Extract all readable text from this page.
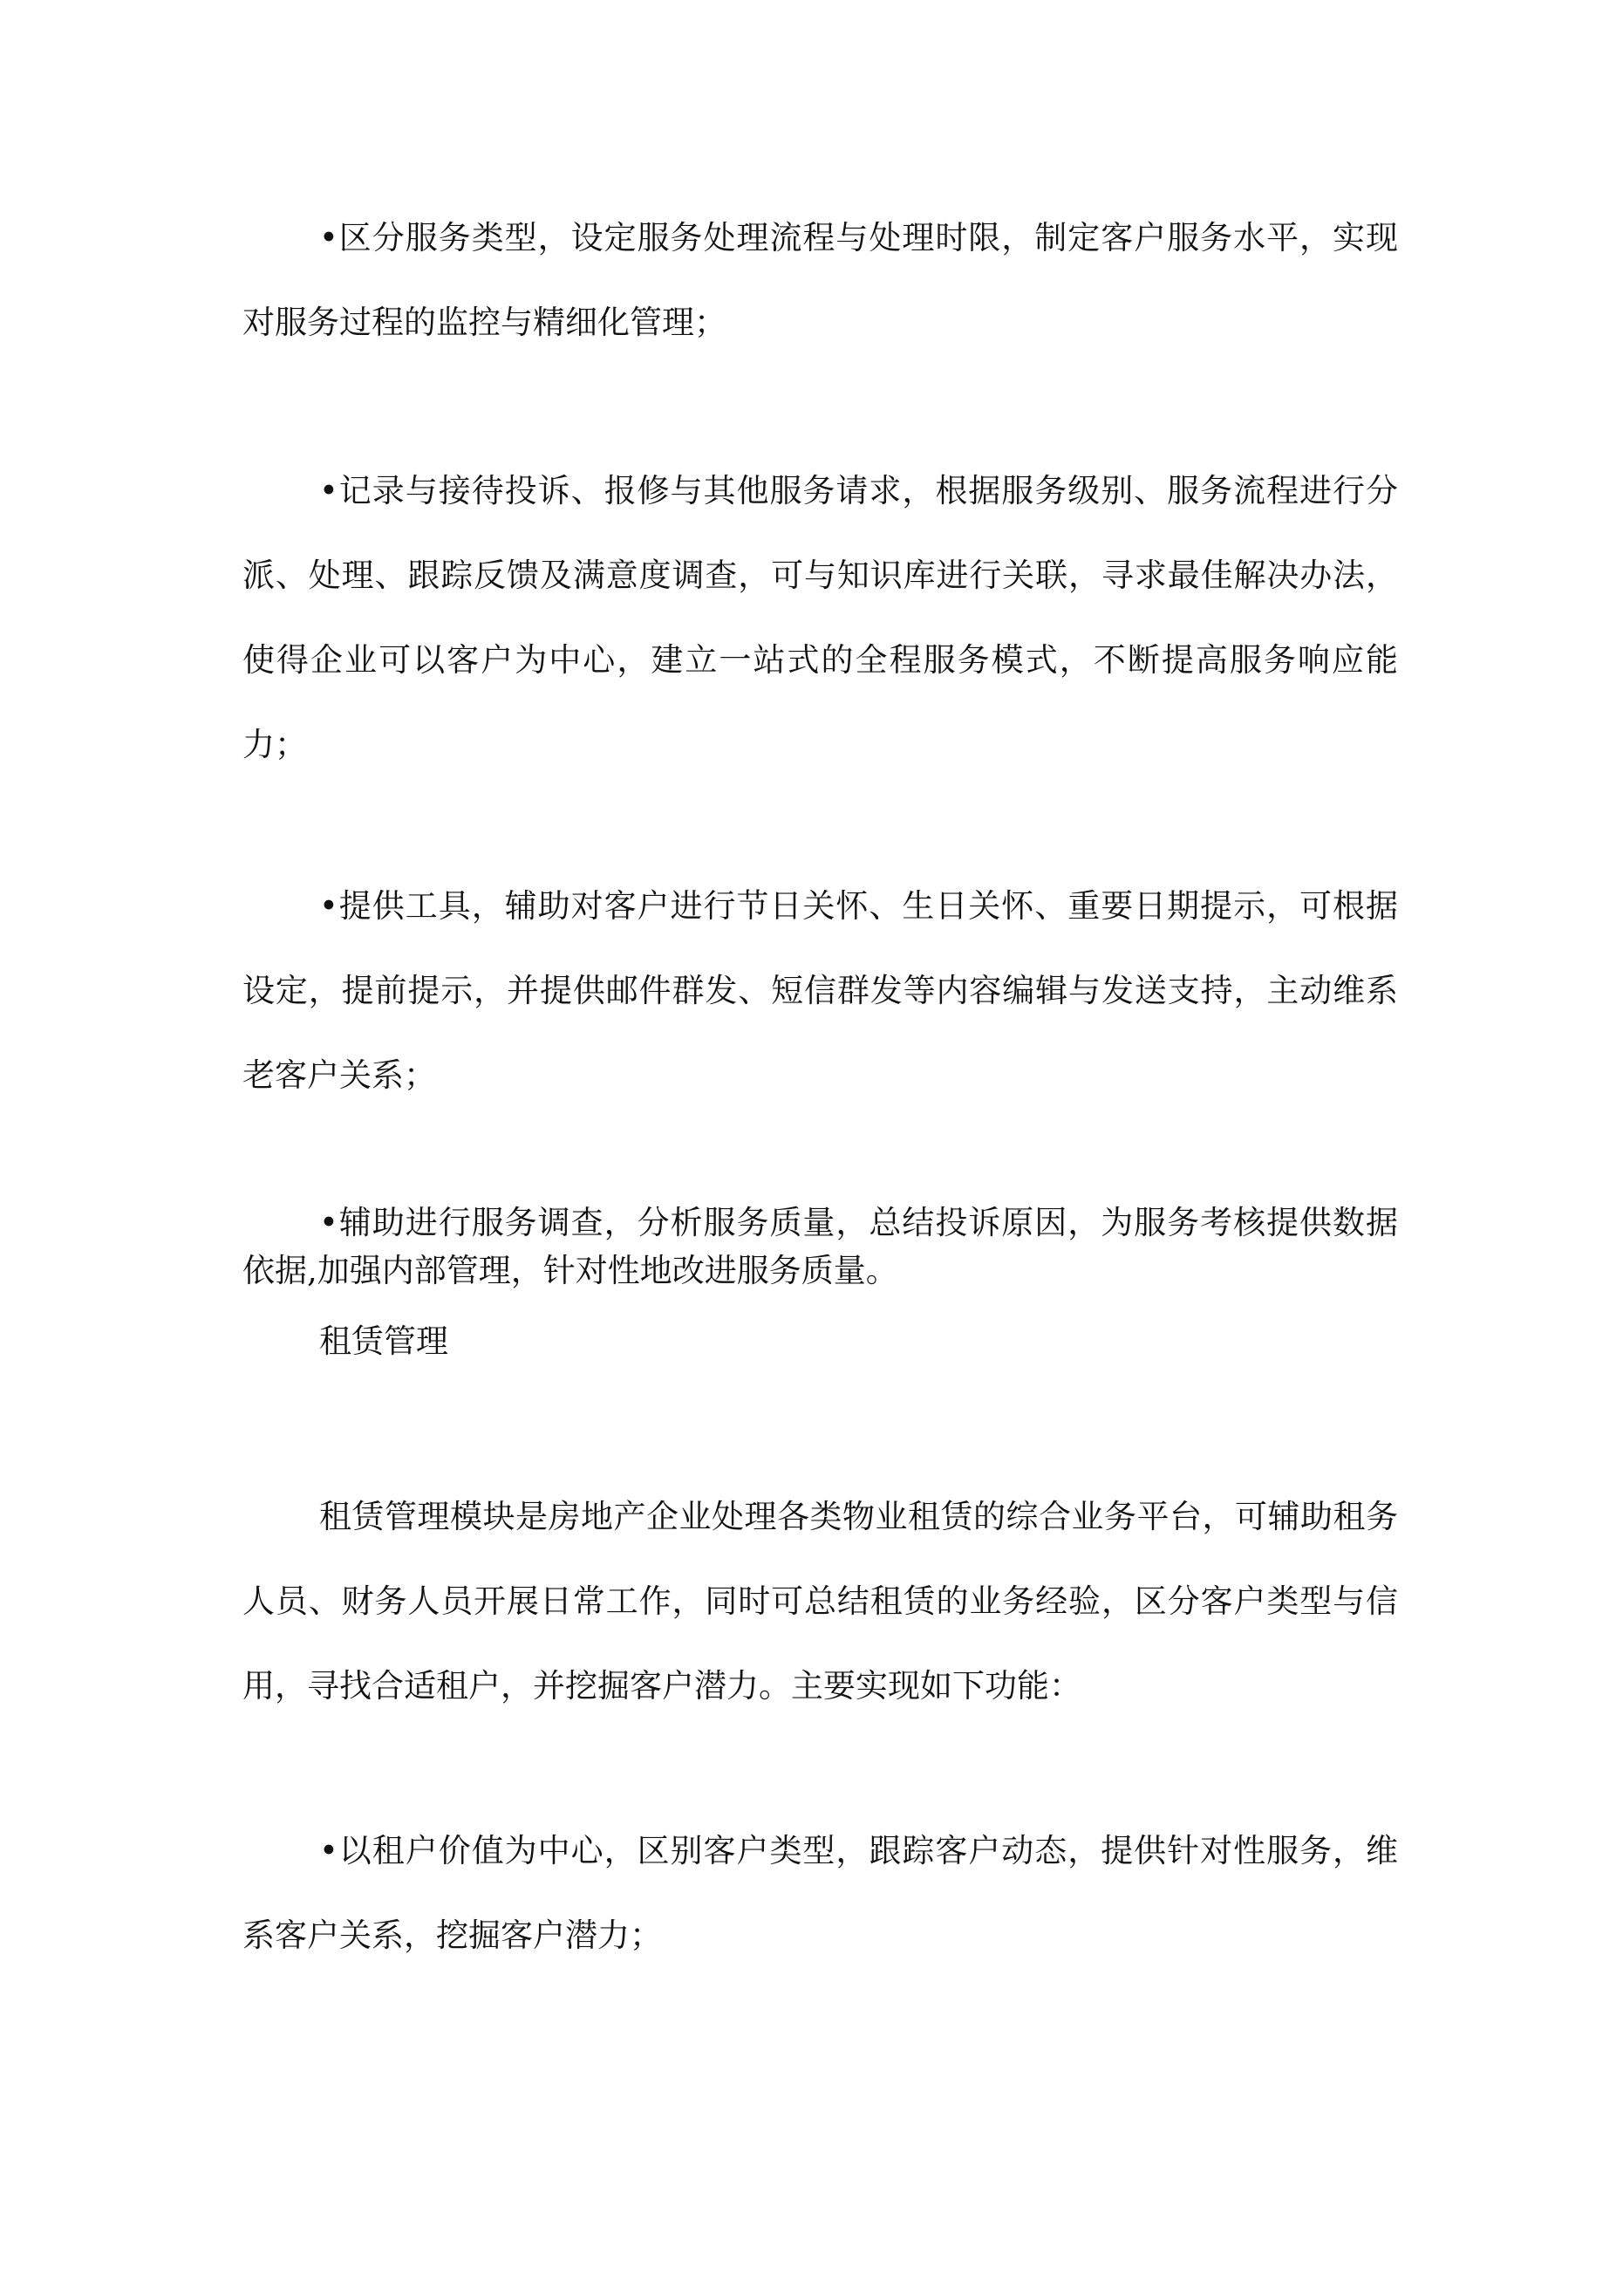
•区分服务类型，设定服务处理流程与处理时限，制定客户服务水平，实现对服务过程的监控与精细化管理；

•记录与接待投诉、报修与其他服务请求，根据服务级别、服务流程进行分派、处理、跟踪反馈及满意度调查，可与知识库进行关联，寻求最佳解决办法，使得企业可以客户为中心，建立一站式的全程服务模式，不断提高服务响应能力；

•提供工具，辅助对客户进行节日关怀、生日关怀、重要日期提示，可根据设定，提前提示，并提供邮件群发、短信群发等内容编辑与发送支持，主动维系老客户关系；

•辅助进行服务调查，分析服务质量，总结投诉原因，为服务考核提供数据依据,加强内部管理，针对性地改进服务质量。

租赁管理

租赁管理模块是房地产企业处理各类物业租赁的综合业务平台，可辅助租务人员、财务人员开展日常工作，同时可总结租赁的业务经验，区分客户类型与信用，寻找合适租户，并挖掘客户潜力。主要实现如下功能：

•以租户价值为中心，区别客户类型，跟踪客户动态，提供针对性服务，维系客户关系，挖掘客户潜力；
